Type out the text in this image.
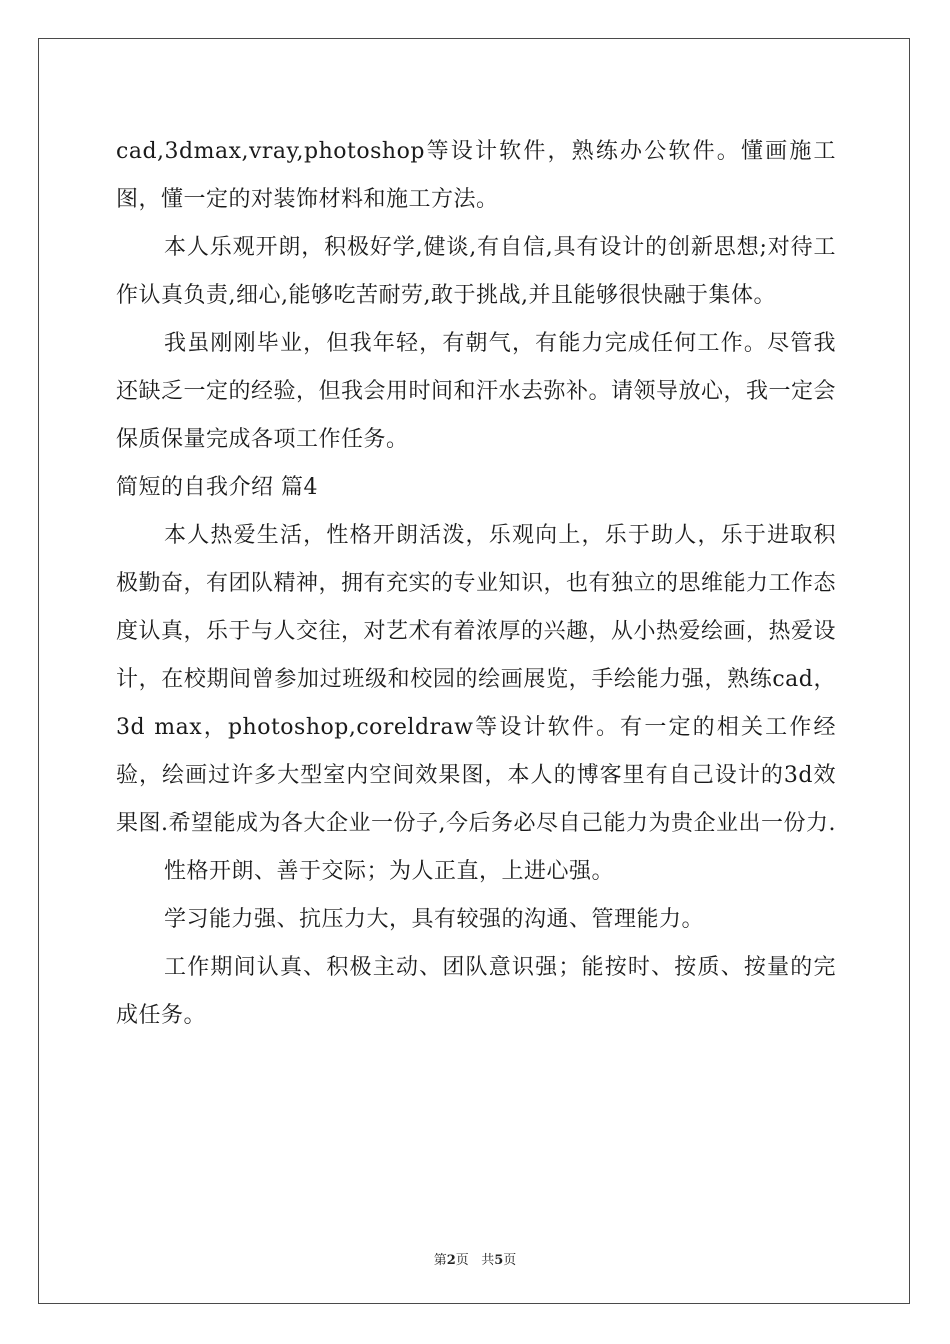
cad,3dmax,vray,photoshop等设计软件，熟练办公软件。懂画施工图，懂一定的对装饰材料和施工方法。

本人乐观开朗，积极好学,健谈,有自信,具有设计的创新思想;对待工作认真负责,细心,能够吃苦耐劳,敢于挑战,并且能够很快融于集体。

我虽刚刚毕业，但我年轻，有朝气，有能力完成任何工作。尽管我还缺乏一定的经验，但我会用时间和汗水去弥补。请领导放心，我一定会保质保量完成各项工作任务。

简短的自我介绍 篇4

本人热爱生活，性格开朗活泼，乐观向上，乐于助人，乐于进取积极勤奋，有团队精神，拥有充实的专业知识，也有独立的思维能力工作态度认真，乐于与人交往，对艺术有着浓厚的兴趣，从小热爱绘画，热爱设计，在校期间曾参加过班级和校园的绘画展览，手绘能力强，熟练cad，3d max，photoshop,coreldraw等设计软件。有一定的相关工作经验，绘画过许多大型室内空间效果图，本人的博客里有自己设计的3d效果图.希望能成为各大企业一份子,今后务必尽自己能力为贵企业出一份力.

性格开朗、善于交际；为人正直，上进心强。

学习能力强、抗压力大，具有较强的沟通、管理能力。

工作期间认真、积极主动、团队意识强；能按时、按质、按量的完成任务。

第2页 共5页
